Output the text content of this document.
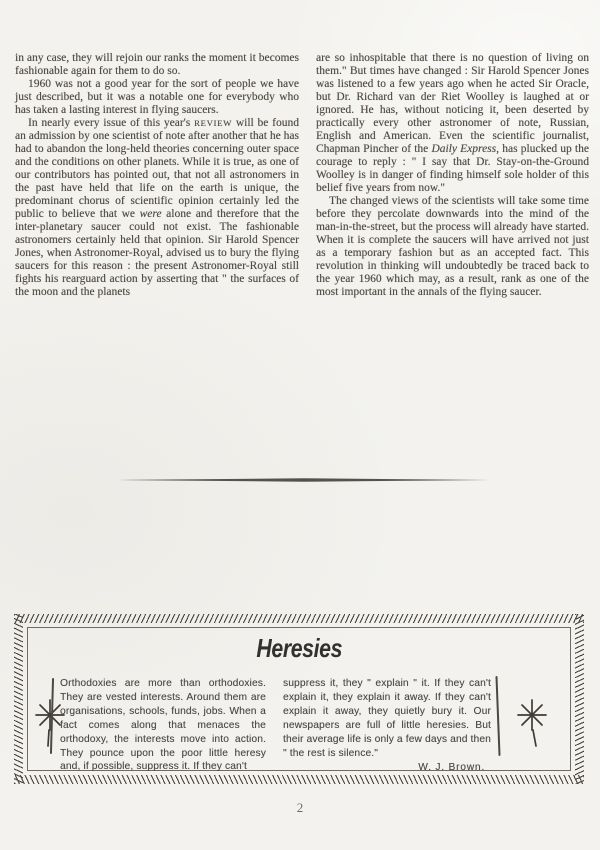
in any case, they will rejoin our ranks the moment it becomes fashionable again for them to do so.

1960 was not a good year for the sort of people we have just described, but it was a notable one for everybody who has taken a lasting interest in flying saucers.

In nearly every issue of this year's REVIEW will be found an admission by one scientist of note after another that he has had to abandon the long-held theories concerning outer space and the conditions on other planets. While it is true, as one of our contributors has pointed out, that not all astronomers in the past have held that life on the earth is unique, the predominant chorus of scientific opinion certainly led the public to believe that we were alone and therefore that the inter-planetary saucer could not exist. The fashionable astronomers certainly held that opinion. Sir Harold Spencer Jones, when Astronomer-Royal, advised us to bury the flying saucers for this reason : the present Astronomer-Royal still fights his rearguard action by asserting that " the surfaces of the moon and the planets

are so inhospitable that there is no question of living on them." But times have changed : Sir Harold Spencer Jones was listened to a few years ago when he acted Sir Oracle, but Dr. Richard van der Riet Woolley is laughed at or ignored. He has, without noticing it, been deserted by practically every other astronomer of note, Russian, English and American. Even the scientific journalist, Chapman Pincher of the Daily Express, has plucked up the courage to reply : " I say that Dr. Stay-on-the-Ground Woolley is in danger of finding himself sole holder of this belief five years from now."

The changed views of the scientists will take some time before they percolate downwards into the mind of the man-in-the-street, but the process will already have started. When it is complete the saucers will have arrived not just as a temporary fashion but as an accepted fact. This revolution in thinking will undoubtedly be traced back to the year 1960 which may, as a result, rank as one of the most important in the annals of the flying saucer.

Heresies
Orthodoxies are more than orthodoxies. They are vested interests. Around them are organisations, schools, funds, jobs. When a fact comes along that menaces the orthodoxy, the interests move into action. They pounce upon the poor little heresy and, if possible, suppress it. If they can't
suppress it, they " explain " it. If they can't explain it, they explain it away. If they can't explain it away, they quietly bury it. Our newspapers are full of little heresies. But their average life is only a few days and then " the rest is silence."
W. J. Brown.
2
